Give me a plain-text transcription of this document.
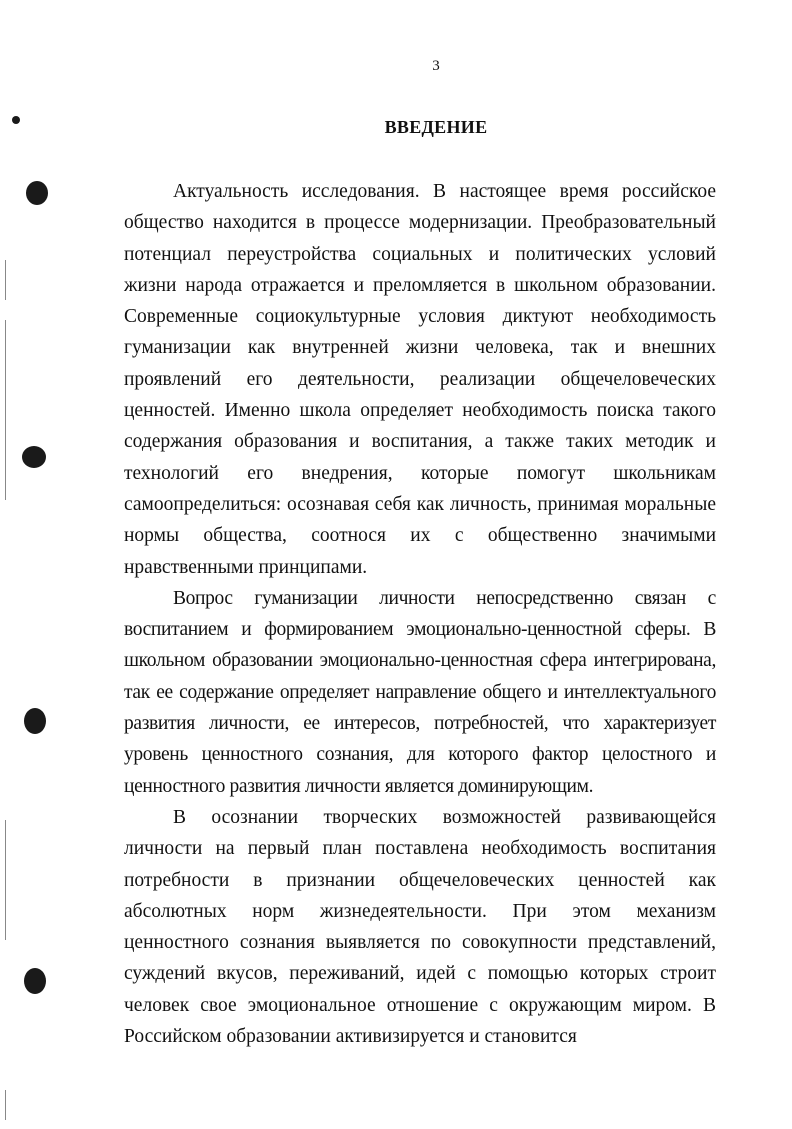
3
ВВЕДЕНИЕ

Актуальность исследования. В настоящее время российское общество находится в процессе модернизации. Преобразовательный потенциал переустройства социальных и политических условий жизни народа отражается и преломляется в школьном образовании. Современные социокультурные условия диктуют необходимость гуманизации как внутренней жизни человека, так и внешних проявлений его деятельности, реализации общечеловеческих ценностей. Именно школа определяет необходимость поиска такого содержания образования и воспитания, а также таких методик и технологий его внедрения, которые помогут школьникам самоопределиться: осознавая себя как личность, принимая моральные нормы общества, соотнося их с общественно значимыми нравственными принципами.

Вопрос гуманизации личности непосредственно связан с воспитанием и формированием эмоционально-ценностной сферы. В школьном образовании эмоционально-ценностная сфера интегрирована, так ее содержание определяет направление общего и интеллектуального развития личности, ее интересов, потребностей, что характеризует уровень ценностного сознания, для которого фактор целостного и ценностного развития личности является доминирующим.

В осознании творческих возможностей развивающейся личности на первый план поставлена необходимость воспитания потребности в признании общечеловеческих ценностей как абсолютных норм жизнедеятельности. При этом механизм ценностного сознания выявляется по совокупности представлений, суждений вкусов, переживаний, идей с помощью которых строит человек свое эмоциональное отношение с окружающим миром. В Российском образовании активизируется и становится
